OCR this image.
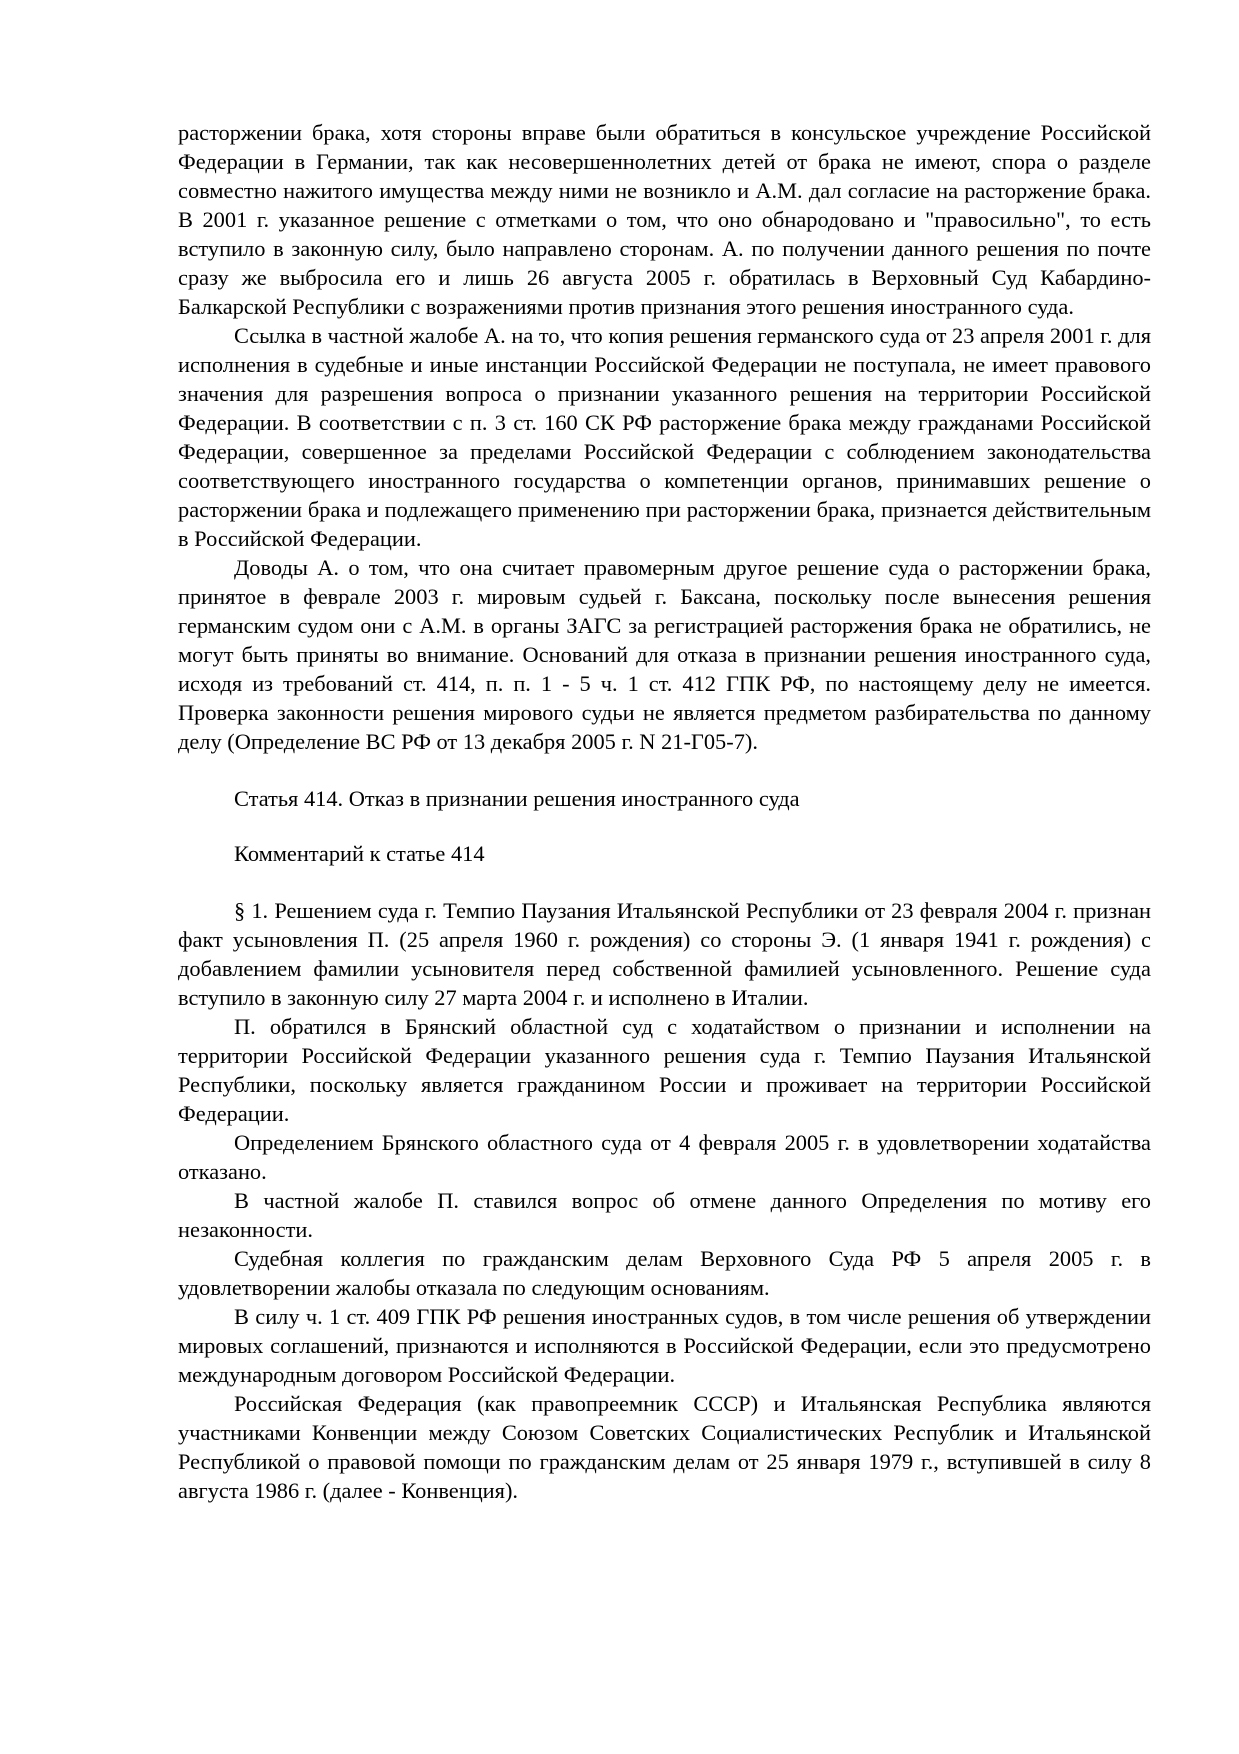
расторжении брака, хотя стороны вправе были обратиться в консульское учреждение Российской Федерации в Германии, так как несовершеннолетних детей от брака не имеют, спора о разделе совместно нажитого имущества между ними не возникло и А.М. дал согласие на расторжение брака. В 2001 г. указанное решение с отметками о том, что оно обнародовано и "правосильно", то есть вступило в законную силу, было направлено сторонам. А. по получении данного решения по почте сразу же выбросила его и лишь 26 августа 2005 г. обратилась в Верховный Суд Кабардино-Балкарской Республики с возражениями против признания этого решения иностранного суда.

Ссылка в частной жалобе А. на то, что копия решения германского суда от 23 апреля 2001 г. для исполнения в судебные и иные инстанции Российской Федерации не поступала, не имеет правового значения для разрешения вопроса о признании указанного решения на территории Российской Федерации. В соответствии с п. 3 ст. 160 СК РФ расторжение брака между гражданами Российской Федерации, совершенное за пределами Российской Федерации с соблюдением законодательства соответствующего иностранного государства о компетенции органов, принимавших решение о расторжении брака и подлежащего применению при расторжении брака, признается действительным в Российской Федерации.

Доводы А. о том, что она считает правомерным другое решение суда о расторжении брака, принятое в феврале 2003 г. мировым судьей г. Баксана, поскольку после вынесения решения германским судом они с А.М. в органы ЗАГС за регистрацией расторжения брака не обратились, не могут быть приняты во внимание. Оснований для отказа в признании решения иностранного суда, исходя из требований ст. 414, п. п. 1 - 5 ч. 1 ст. 412 ГПК РФ, по настоящему делу не имеется. Проверка законности решения мирового судьи не является предметом разбирательства по данному делу (Определение ВС РФ от 13 декабря 2005 г. N 21-Г05-7).

Статья 414. Отказ в признании решения иностранного суда

Комментарий к статье 414

§ 1. Решением суда г. Темпио Паузания Итальянской Республики от 23 февраля 2004 г. признан факт усыновления П. (25 апреля 1960 г. рождения) со стороны Э. (1 января 1941 г. рождения) с добавлением фамилии усыновителя перед собственной фамилией усыновленного. Решение суда вступило в законную силу 27 марта 2004 г. и исполнено в Италии.

П. обратился в Брянский областной суд с ходатайством о признании и исполнении на территории Российской Федерации указанного решения суда г. Темпио Паузания Итальянской Республики, поскольку является гражданином России и проживает на территории Российской Федерации.

Определением Брянского областного суда от 4 февраля 2005 г. в удовлетворении ходатайства отказано.

В частной жалобе П. ставился вопрос об отмене данного Определения по мотиву его незаконности.

Судебная коллегия по гражданским делам Верховного Суда РФ 5 апреля 2005 г. в удовлетворении жалобы отказала по следующим основаниям.

В силу ч. 1 ст. 409 ГПК РФ решения иностранных судов, в том числе решения об утверждении мировых соглашений, признаются и исполняются в Российской Федерации, если это предусмотрено международным договором Российской Федерации.

Российская Федерация (как правопреемник СССР) и Итальянская Республика являются участниками Конвенции между Союзом Советских Социалистических Республик и Итальянской Республикой о правовой помощи по гражданским делам от 25 января 1979 г., вступившей в силу 8 августа 1986 г. (далее - Конвенция).
